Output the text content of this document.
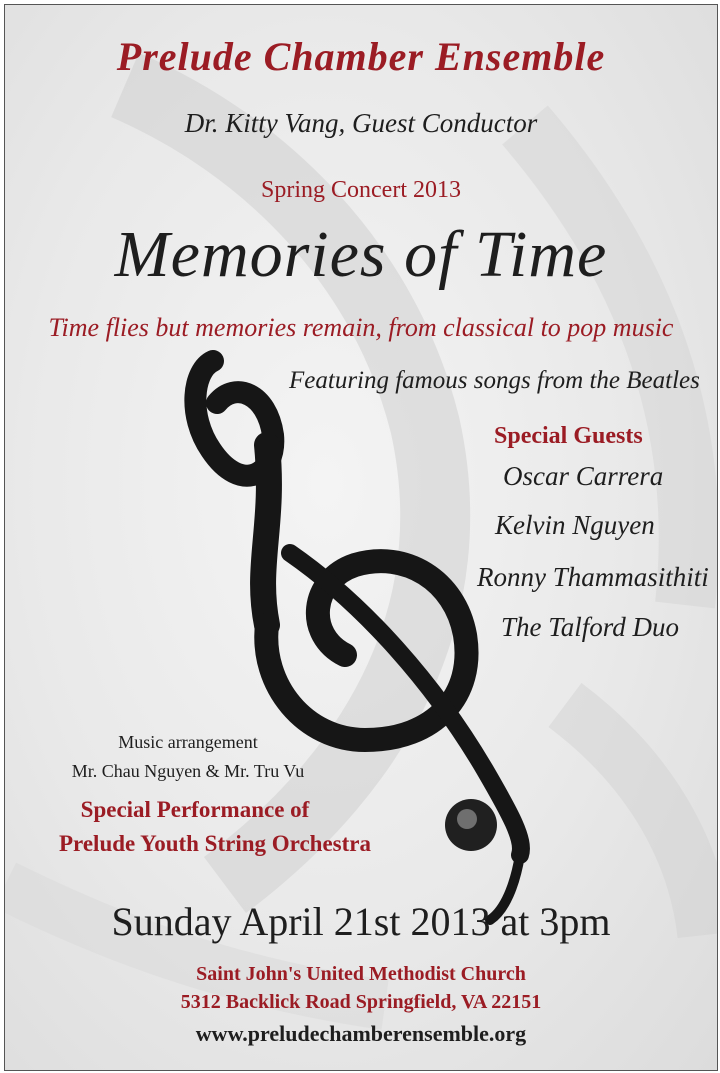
Prelude Chamber Ensemble
Dr. Kitty Vang, Guest Conductor
Spring Concert 2013
Memories of Time
Time flies but memories remain, from classical to pop music
Featuring famous songs from the Beatles
Special Guests
Oscar Carrera
Kelvin Nguyen
Ronny Thammasithiti
The Talford Duo
Music arrangement
Mr. Chau Nguyen & Mr. Tru Vu
Special Performance of
Prelude Youth String Orchestra
Sunday April 21st 2013 at 3pm
Saint John's United Methodist Church
5312 Backlick Road Springfield, VA 22151
www.preludechamberensemble.org
